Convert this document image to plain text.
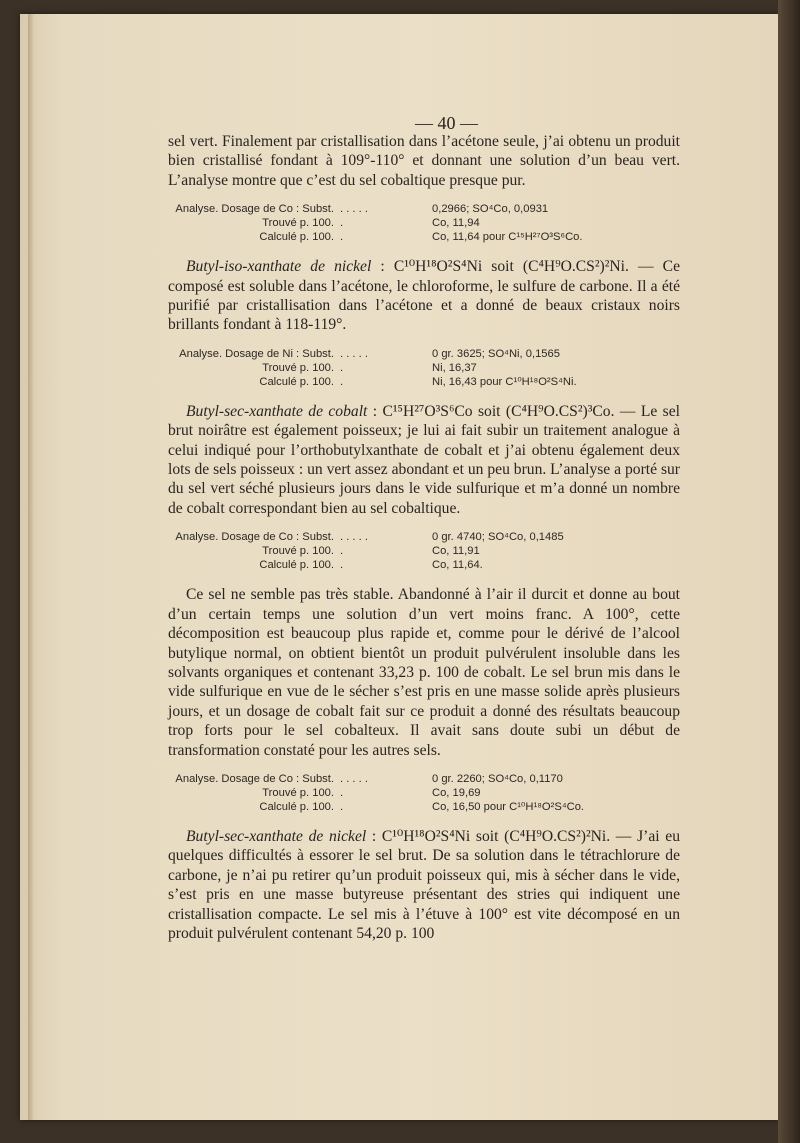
— 40 —

sel vert. Finalement par cristallisation dans l’acétone seule, j’ai obtenu un produit bien cristallisé fondant à 109°-110° et donnant une solution d’un beau vert. L’analyse montre que c’est du sel cobaltique presque pur.

Analyse. Dosage de Co : Subst. . . . . .	0,2966; SO⁴Co, 0,0931
Trouvé p. 100. .	Co, 11,94
Calculé p. 100. .	Co, 11,64 pour C¹⁵H²⁷O³S⁶Co.

Butyl-iso-xanthate de nickel : C¹⁰H¹⁸O²S⁴Ni soit (C⁴H⁹O.CS²)²Ni. — Ce composé est soluble dans l’acétone, le chloroforme, le sulfure de carbone. Il a été purifié par cristallisation dans l’acétone et a donné de beaux cristaux noirs brillants fondant à 118-119°.

Analyse. Dosage de Ni : Subst. . . . . .	0 gr. 3625; SO⁴Ni, 0,1565
Trouvé p. 100. .	Ni, 16,37
Calculé p. 100. .	Ni, 16,43 pour C¹⁰H¹⁸O²S⁴Ni.

Butyl-sec-xanthate de cobalt : C¹⁵H²⁷O³S⁶Co soit (C⁴H⁹O.CS²)³Co. — Le sel brut noirâtre est également poisseux; je lui ai fait subir un traitement analogue à celui indiqué pour l’orthobutylxanthate de cobalt et j’ai obtenu également deux lots de sels poisseux : un vert assez abondant et un peu brun. L’analyse a porté sur du sel vert séché plusieurs jours dans le vide sulfurique et m’a donné un nombre de cobalt correspondant bien au sel cobaltique.

Analyse. Dosage de Co : Subst. . . . . .	0 gr. 4740; SO⁴Co, 0,1485
Trouvé p. 100. .	Co, 11,91
Calculé p. 100. .	Co, 11,64.

Ce sel ne semble pas très stable. Abandonné à l’air il durcit et donne au bout d’un certain temps une solution d’un vert moins franc. A 100°, cette décomposition est beaucoup plus rapide et, comme pour le dérivé de l’alcool butylique normal, on obtient bientôt un produit pulvérulent insoluble dans les solvants organiques et contenant 33,23 p. 100 de cobalt. Le sel brun mis dans le vide sulfurique en vue de le sécher s’est pris en une masse solide après plusieurs jours, et un dosage de cobalt fait sur ce produit a donné des résultats beaucoup trop forts pour le sel cobalteux. Il avait sans doute subi un début de transformation constaté pour les autres sels.

Analyse. Dosage de Co : Subst. . . . . .	0 gr. 2260; SO⁴Co, 0,1170
Trouvé p. 100. .	Co, 19,69
Calculé p. 100. .	Co, 16,50 pour C¹⁰H¹⁸O²S⁴Co.

Butyl-sec-xanthate de nickel : C¹⁰H¹⁸O²S⁴Ni soit (C⁴H⁹O.CS²)²Ni. — J’ai eu quelques difficultés à essorer le sel brut. De sa solution dans le tétrachlorure de carbone, je n’ai pu retirer qu’un produit poisseux qui, mis à sécher dans le vide, s’est pris en une masse butyreuse présentant des stries qui indiquent une cristallisation compacte. Le sel mis à l’étuve à 100° est vite décomposé en un produit pulvérulent contenant 54,20 p. 100
